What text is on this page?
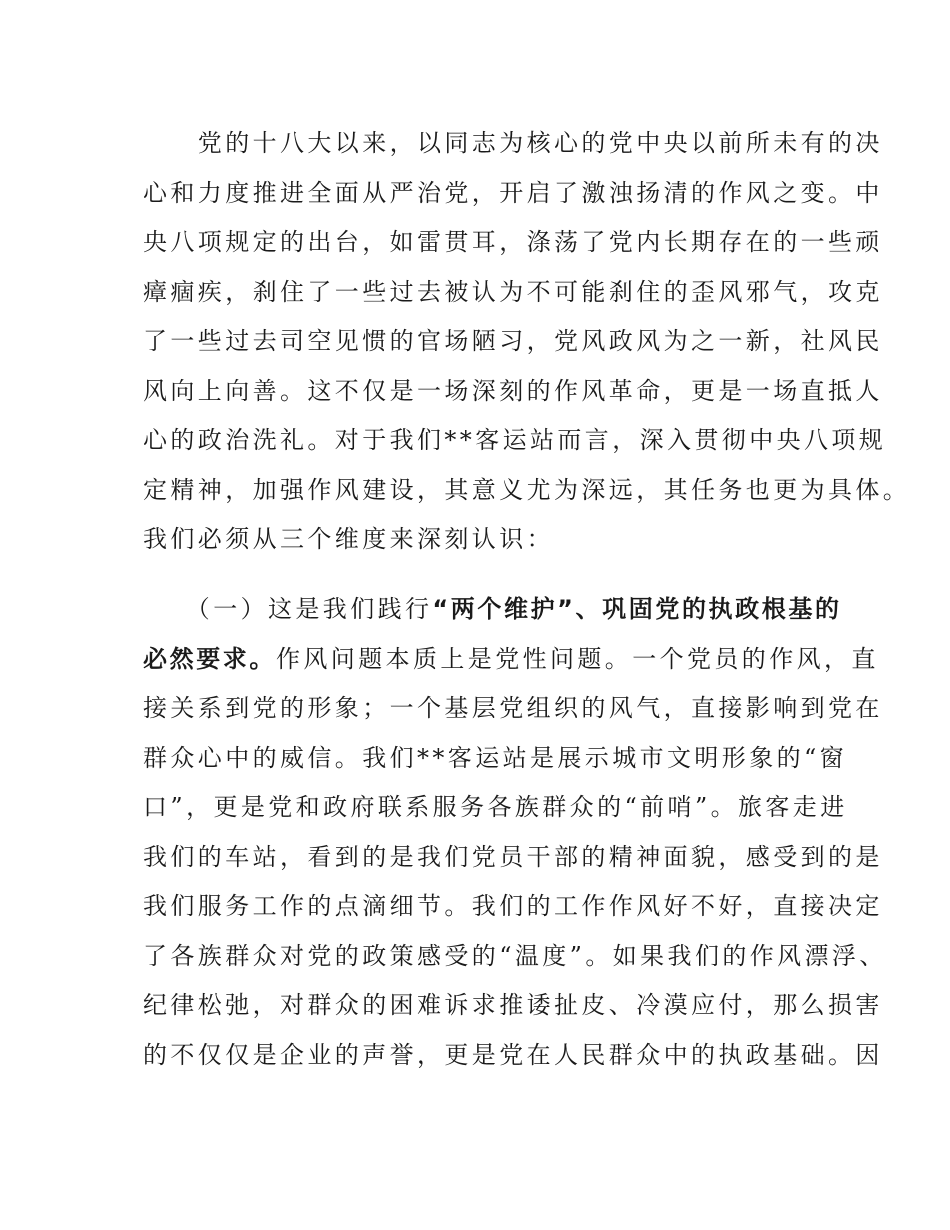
　　党的十八大以来，以同志为核心的党中央以前所未有的决
心和力度推进全面从严治党，开启了激浊扬清的作风之变。中
央八项规定的出台，如雷贯耳，涤荡了党内长期存在的一些顽
瘴痼疾，刹住了一些过去被认为不可能刹住的歪风邪气，攻克
了一些过去司空见惯的官场陋习，党风政风为之一新，社风民
风向上向善。这不仅是一场深刻的作风革命，更是一场直抵人
心的政治洗礼。对于我们**客运站而言，深入贯彻中央八项规
定精神，加强作风建设，其意义尤为深远，其任务也更为具体。
我们必须从三个维度来深刻认识：
　　（一）这是我们践行“两个维护”、巩固党的执政根基的
必然要求。作风问题本质上是党性问题。一个党员的作风，直
接关系到党的形象；一个基层党组织的风气，直接影响到党在
群众心中的威信。我们**客运站是展示城市文明形象的“窗
口”，更是党和政府联系服务各族群众的“前哨”。旅客走进
我们的车站，看到的是我们党员干部的精神面貌，感受到的是
我们服务工作的点滴细节。我们的工作作风好不好，直接决定
了各族群众对党的政策感受的“温度”。如果我们的作风漂浮、
纪律松弛，对群众的困难诉求推诿扯皮、冷漠应付，那么损害
的不仅仅是企业的声誉，更是党在人民群众中的执政基础。因
